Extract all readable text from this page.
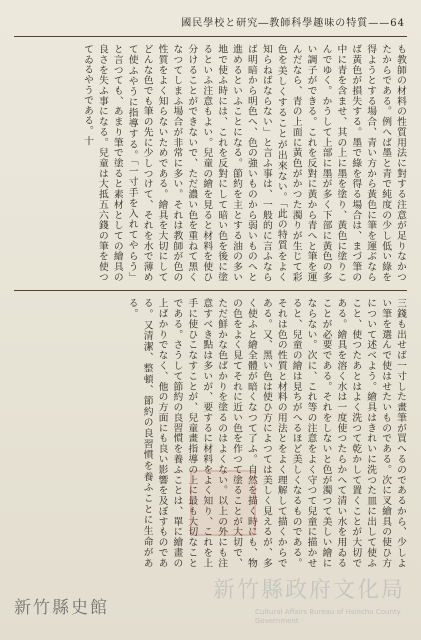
國民學校と研究―教師科學趣味の特質——64

も教師の材料の性質用法に對する注意が足りなかつたからである。例へば墨と青で純度の少し低い綠を得ようとする場合、青い方から黃色に筆を運ぶならば黃色が損失する。墨で綠を得る場合は、まづ筆の中に青を含ませ、其の上に墨を塗り、黃色に塗りこんでゆく。かうして上部に墨が多く下部に黃色の多い調子ができる。これを反對に黃から青へと筆を運んだなら、青の上面に黃色がかつた濁りが生じて彩色を美しくすることが出來ない。「此の特質をよく知らねばならない」と言ふ事は、一般的に言ふならば明暗から明色へ、色の強いものから弱いものへと進めるといふことになる。節約を主とする油の多い地で使ふ時には、これを反對にして暗い色を後に塗るといふ注意もよい。兒童の繪を見ると材料を使ひ分けることができないで、ただ濃い色を重ねて黑くなつてしまふ場合が非常に多い。それは教師が色の性質をよく知らないためである。繪具を大切にしてどんな色でも筆の先に少しつけて、それを水で薄めて使ふやうに指導する。「一寸手を入れてやらう」と言つても、あまり筆で塗ると素材としての繪具の良さを失ふ事になる。兒童は大抵五六錢の筆を使つてゐるやうである。十

三錢も出せば一寸した畫筆が買へるのであるから、少しよい筆を選んで使はせたいものである。次に叉繪具の使ひ方について述べよう。繪具はきれいに洗つた皿に出して使ふこと、使つたあとはよく洗つて乾かして置くことが大切である。繪具を溶く水は一度使つたらかへて清い水を用ゐることが必要である。それをしないと色が濁つて美しい繪にならない。次に、これ等の注意をよく守つて兒童に描かせると、兒童の繪は見ちがへるほど美しくなるものである。それは色の性質と材料の用法とをよく理解して描くからである。又、黑い色は使ひ方によつては美しく見えるが、多く使ふと繪全體が暗くなつて了ふ。自然を描く時にも、物の色をよく見てそれに近い色を作つて塗ることが大切で、ただ鮮かな色ばかりを塗るのはよくない。以上の外にも注意すべき點は多いが、要するに材料をよく知り、これを上手に使ひこなすことが、兒童畫指導の上に最も大切なことである。さうして節約の良習慣を養ふことは、單に繪畫の上ばかりでなく、他の方面にも良い影響を及ぼすものである。又清潔、整頓、節約の良習慣を養ふことに生命がある。

新竹縣史館
新竹縣政府文化局
Cultural Affairs Bureau of Hsinchu County Government
